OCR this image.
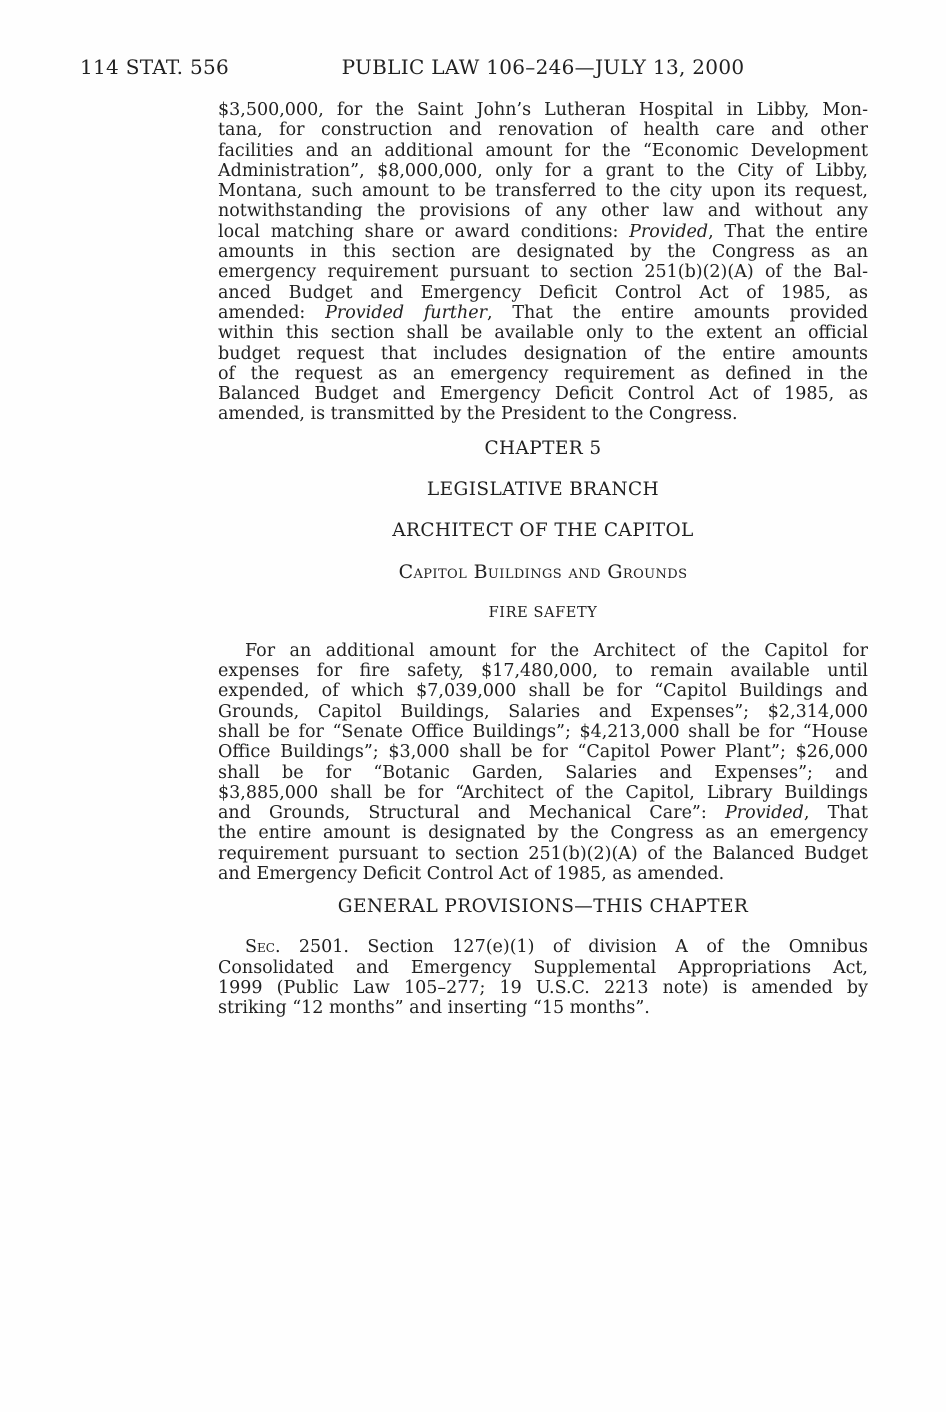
114 STAT. 556	PUBLIC LAW 106–246—JULY 13, 2000
$3,500,000, for the Saint John’s Lutheran Hospital in Libby, Mon-
tana, for construction and renovation of health care and other
facilities and an additional amount for the “Economic Development
Administration”, $8,000,000, only for a grant to the City of Libby,
Montana, such amount to be transferred to the city upon its request,
notwithstanding the provisions of any other law and without any
local matching share or award conditions: Provided, That the entire
amounts in this section are designated by the Congress as an
emergency requirement pursuant to section 251(b)(2)(A) of the Bal-
anced Budget and Emergency Deficit Control Act of 1985, as
amended: Provided further, That the entire amounts provided
within this section shall be available only to the extent an official
budget request that includes designation of the entire amounts
of the request as an emergency requirement as defined in the
Balanced Budget and Emergency Deficit Control Act of 1985, as
amended, is transmitted by the President to the Congress.
CHAPTER 5
LEGISLATIVE BRANCH
ARCHITECT OF THE CAPITOL
Capitol Buildings and Grounds
FIRE SAFETY
For an additional amount for the Architect of the Capitol for
expenses for fire safety, $17,480,000, to remain available until
expended, of which $7,039,000 shall be for “Capitol Buildings and
Grounds, Capitol Buildings, Salaries and Expenses”; $2,314,000
shall be for “Senate Office Buildings”; $4,213,000 shall be for “House
Office Buildings”; $3,000 shall be for “Capitol Power Plant”; $26,000
shall be for “Botanic Garden, Salaries and Expenses”; and
$3,885,000 shall be for “Architect of the Capitol, Library Buildings
and Grounds, Structural and Mechanical Care”: Provided, That
the entire amount is designated by the Congress as an emergency
requirement pursuant to section 251(b)(2)(A) of the Balanced Budget
and Emergency Deficit Control Act of 1985, as amended.
GENERAL PROVISIONS—THIS CHAPTER
Sec. 2501. Section 127(e)(1) of division A of the Omnibus
Consolidated and Emergency Supplemental Appropriations Act,
1999 (Public Law 105–277; 19 U.S.C. 2213 note) is amended by
striking “12 months” and inserting “15 months”.
